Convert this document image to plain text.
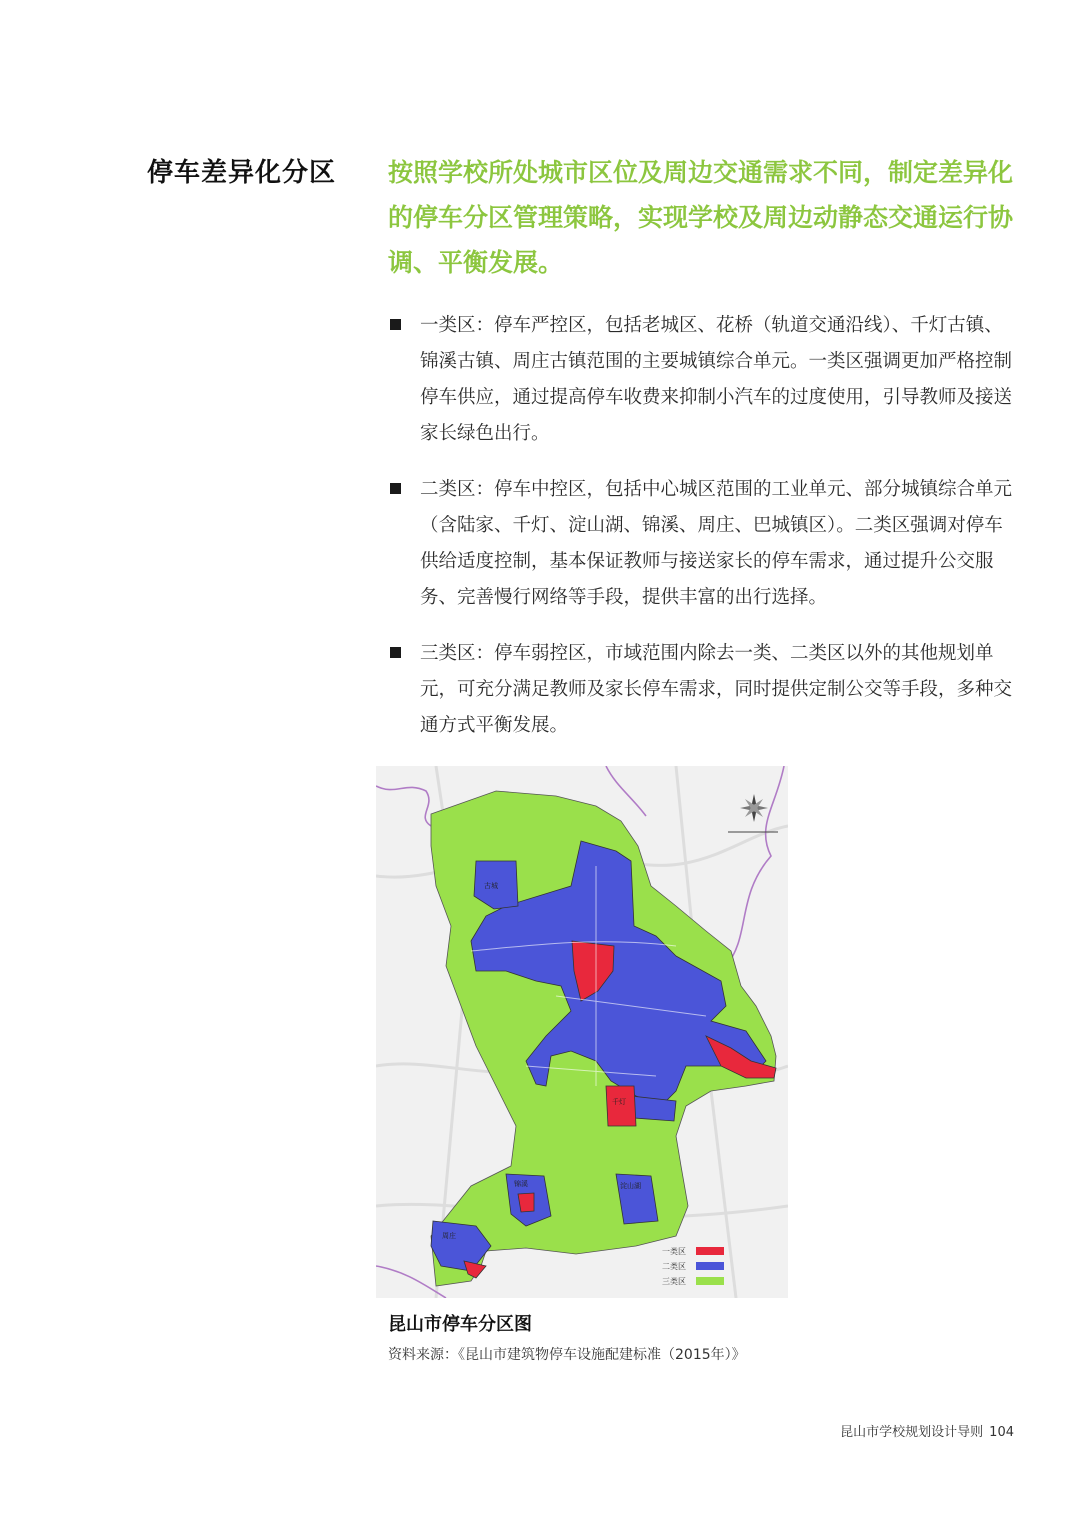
停车差异化分区 按照学校所处城市区位及周边交通需求不同，制定差异化的停车分区管理策略，实现学校及周边动静态交通运行协调、平衡发展。
一类区：停车严控区，包括老城区、花桥（轨道交通沿线）、千灯古镇、锦溪古镇、周庄古镇范围的主要城镇综合单元。一类区强调更加严格控制停车供应，通过提高停车收费来抑制小汽车的过度使用，引导教师及接送家长绿色出行。
二类区：停车中控区，包括中心城区范围的工业单元、部分城镇综合单元（含陆家、千灯、淀山湖、锦溪、周庄、巴城镇区）。二类区强调对停车供给适度控制，基本保证教师与接送家长的停车需求，通过提升公交服务、完善慢行网络等手段，提供丰富的出行选择。
三类区：停车弱控区，市域范围内除去一类、二类区以外的其他规划单元，可充分满足教师及家长停车需求，同时提供定制公交等手段，多种交通方式平衡发展。
古城
锦溪	淀山湖
周庄
千灯
一类区
二类区
三类区
昆山市停车分区图
资料来源：《昆山市建筑物停车设施配建标准（2015年）》
昆山市学校规划设计导则 104
